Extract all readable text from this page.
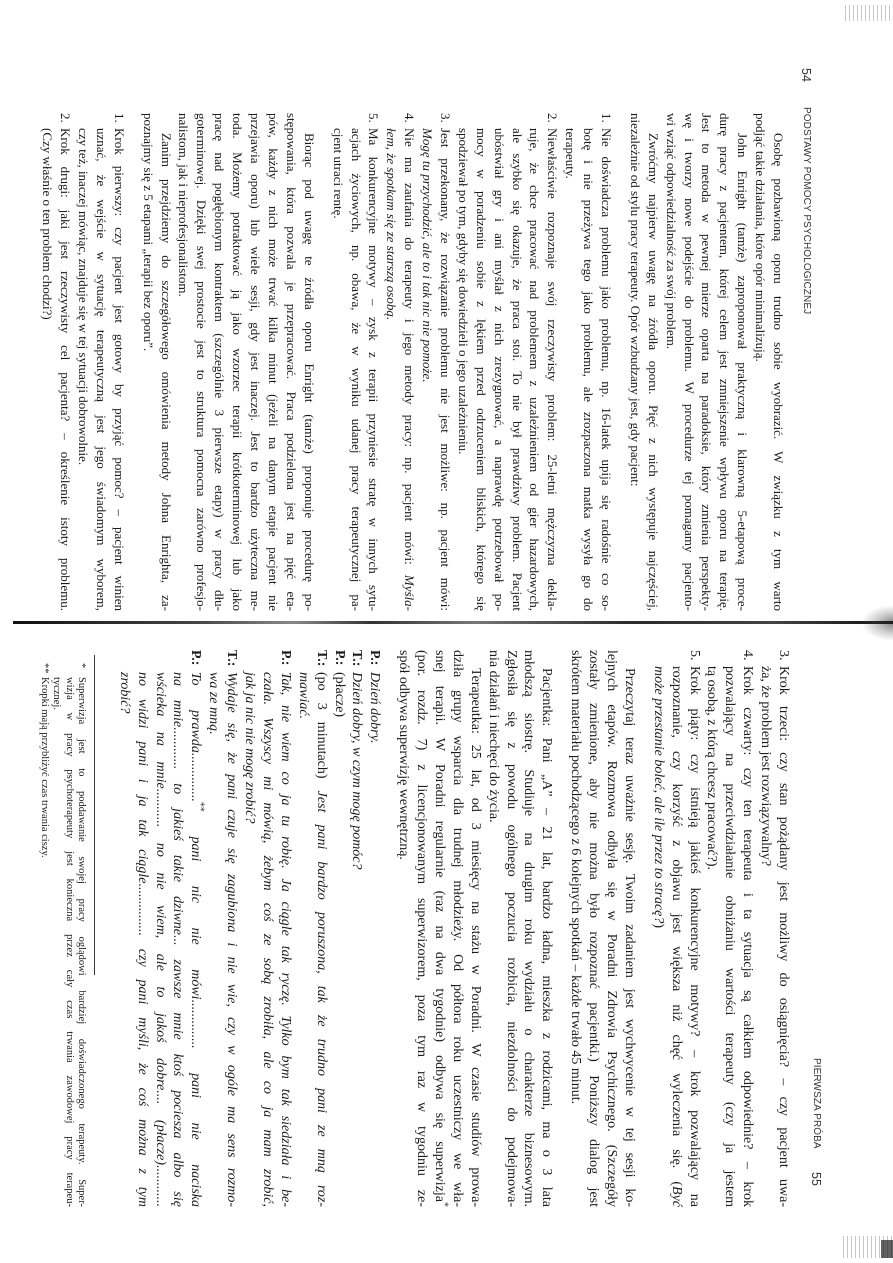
54
PODSTAWY POMOCY PSYCHOLOGICZNEJ
Osobę pozbawioną oporu trudno sobie wyobrazić. W związku z tym warto
podjąć takie działania, które opór minimalizują.
John Enright (tamże) zaproponował praktyczną i klarowną 5-etapową proce-
durę pracy z pacjentem, której celem jest zmniejszenie wpływu oporu na terapię.
Jest to metoda w pewnej mierze oparta na paradoksie, który zmienia perspekty-
wę i tworzy nowe podejście do problemu. W procedurze tej pomagamy pacjento-
wi wziąć odpowiedzialność za swój problem.
Zwróćmy najpierw uwagę na źródła oporu. Pięć z nich występuje najczęściej,
niezależnie od stylu pracy terapeuty. Opór wzbudzany jest, gdy pacjent:
1.
Nie doświadcza problemu jako problemu, np. 16-latek upija się radośnie co so-
botę i nie przeżywa tego jako problemu, ale zrozpaczona matka wysyła go do
terapeuty.
2.
Niewłaściwie rozpoznaje swój rzeczywisty problem: 25-letni mężczyzna dekla-
ruje, że chce pracować nad problemem z uzależnieniem od gier hazardowych,
ale szybko się okazuje, że praca stoi. To nie był prawdziwy problem. Pacjent
ubóstwiał gry i ani myślał z nich zrezygnować, a naprawdę potrzebował po-
mocy w poradzeniu sobie z lękiem przed odrzuceniem bliskich, którego się
spodziewał po tym, gdyby się dowiedzieli o jego uzależnieniu.
3.
Jest przekonany, że rozwiązanie problemu nie jest możliwe: np. pacjent mówi:
Mogę tu przychodzić, ale to i tak nic nie pomoże.
4.
Nie ma zaufania do terapeuty i jego metody pracy: np. pacjent mówi: Myśla-
łem, że spotkam się ze starszą osobą.
5.
Ma konkurencyjne motywy – zysk z terapii przyniesie stratę w innych sytu-
acjach życiowych, np. obawa, że w wyniku udanej pracy terapeutycznej pa-
cjent utraci rentę.
Biorąc pod uwagę te źródła oporu Enright (tamże) proponuje procedurę po-
stępowania, która pozwala je przepracować. Praca podzielona jest na pięć eta-
pów, każdy z nich może trwać kilka minut (jeżeli na danym etapie pacjent nie
przejawia oporu) lub wiele sesji, gdy jest inaczej. Jest to bardzo użyteczna me-
toda. Możemy potraktować ją jako wzorzec terapii krótkoterminowej lub jako
pracę nad pogłębionym kontraktem (szczególnie 3 pierwsze etapy) w pracy dłu-
goterminowej. Dzięki swej prostocie jest to struktura pomocna zarówno profesjo-
nalistom, jak i nieprofesjonalistom.
Zanim przejdziemy do szczegółowego omówienia metody Johna Enrighta, za-
poznajmy się z 5 etapami „terapii bez oporu”.
1.
Krok pierwszy: czy pacjent jest gotowy by przyjąć pomoc? – pacjent winien
uznać, że wejście w sytuację terapeutyczną jest jego świadomym wyborem,
czy też, inaczej mówiąc, znajduje się w tej sytuacji dobrowolnie.
2.
Krok drugi: jaki jest rzeczywisty cel pacjenta? – określenie istoty problemu.
(Czy właśnie o ten problem chodzi?)
PIERWSZA PRÓBA
55
3.
Krok trzeci: czy stan pożądany jest możliwy do osiągnięcia? – czy pacjent uwa-
ża, że problem jest rozwiązywalny?
4.
Krok czwarty: czy ten terapeuta i ta sytuacja są całkiem odpowiednie? – krok
pozwalający na przeciwdziałanie obniżaniu wartości terapeuty (czy ja jestem
tą osobą, z którą chcesz pracować?).
5.
Krok piąty: czy istnieją jakieś konkurencyjne motywy? – krok pozwalający na
rozpoznanie, czy korzyść z objawu jest większa niż chęć wyleczenia się. (Być
może przestanie boleć, ale ile przez to stracę?)
Przeczytaj teraz uważnie sesję. Twoim zadaniem jest wychwycenie w tej sesji ko-
lejnych etapów. Rozmowa odbyła się w Poradni Zdrowia Psychicznego. (Szczegóły
zostały zmienione, aby nie można było rozpoznać pacjentki.) Poniższy dialog jest
skrótem materiału pochodzącego z 6 kolejnych spotkań – każde trwało 45 minut.
Pacjentka: Pani „A” – 21 lat, bardzo ładna, mieszka z rodzicami, ma o 3 lata
młodszą siostrę. Studiuje na drugim roku wydziału o charakterze biznesowym.
Zgłosiła się z powodu ogólnego poczucia rozbicia, niezdolności do podejmowa-
nia działań i niechęci do życia.
Terapeutka: 25 lat, od 3 miesięcy na stażu w Poradni. W czasie studiów prowa-
dziła grupy wsparcia dla trudnej młodzieży. Od półtora roku uczestniczy we wła-
snej terapii. W Poradni regularnie (raz na dwa tygodnie) odbywa się superwizja*
(por. rozdz. 7) z licencjonowanym superwizorem, poza tym raz w tygodniu ze-
spół odbywa superwizję wewnętrzną.
P.:
Dzień dobry.
T.:
Dzień dobry, w czym mogę pomóc?
P.:
(płacze)
T.:
(po 3 minutach) Jest pani bardzo poruszona, tak że trudno pani ze mną roz-
mawiać.
P.:
Tak, nie wiem co ja tu robię. Ja ciągle tak ryczę. Tylko bym tak siedziała i be-
czała. Wszyscy mi mówią, żebym coś ze sobą zrobiła, ale co ja mam zrobić,
jak ja nic nie mogę zrobić?
T.:
Wydaje się, że pani czuje się zagubiona i nie wie, czy w ogóle ma sens rozmo-
wa ze mną.
P.:
To prawda..............** pani nic nie mówi.............. pani nie naciska
na mnie............ to jakieś takie dziwne... zawsze mnie ktoś pociesza albo się
wścieka na mnie........... no nie wiem, ale to jakoś dobre.... (płacze)............
no widzi pani i ja tak ciągle............... czy pani myśli, że coś można z tym
zrobić?
*
Superwizja jest to poddawanie swojej pracy oglądowi bardziej doświadczonego terapeuty. Super-
wizja w pracy psychoterapeuty jest konieczna przez cały czas trwania zawodowej pracy terapeu-
tycznej.
**
Kropki mają przybliżyć czas trwania ciszy.
